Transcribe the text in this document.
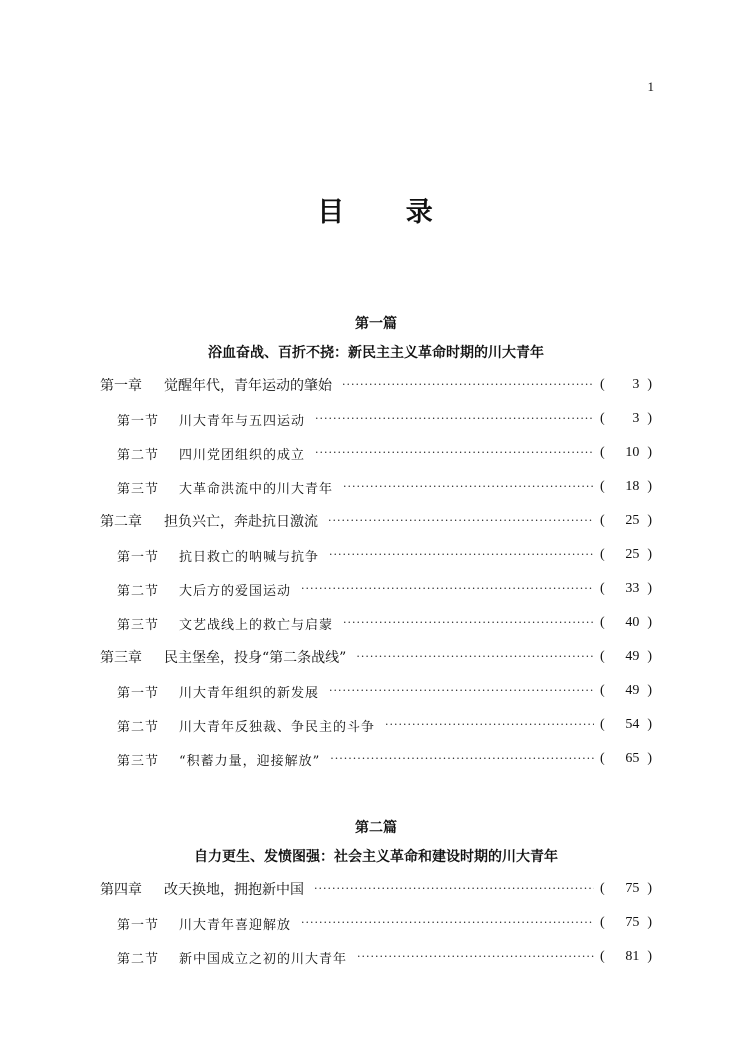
1
目 录
第一篇
浴血奋战、百折不挠：新民主主义革命时期的川大青年
第一章	觉醒年代，青年运动的肇始 ·····	(	3 )
第一节	川大青年与五四运动 ·····	(	3 )
第二节	四川党团组织的成立 ·····	(	10 )
第三节	大革命洪流中的川大青年 ·····	(	18 )
第二章	担负兴亡，奔赴抗日激流 ·····	(	25 )
第一节	抗日救亡的呐喊与抗争 ·····	(	25 )
第二节	大后方的爱国运动 ·····	(	33 )
第三节	文艺战线上的救亡与启蒙 ·····	(	40 )
第三章	民主堡垒，投身“第二条战线” ·····	(	49 )
第一节	川大青年组织的新发展 ·····	(	49 )
第二节	川大青年反独裁、争民主的斗争 ·····	(	54 )
第三节	“积蓄力量，迎接解放” ·····	(	65 )
第二篇
自力更生、发愤图强：社会主义革命和建设时期的川大青年
第四章	改天换地，拥抱新中国 ·····	(	75 )
第一节	川大青年喜迎解放 ·····	(	75 )
第二节	新中国成立之初的川大青年 ·····	(	81 )
